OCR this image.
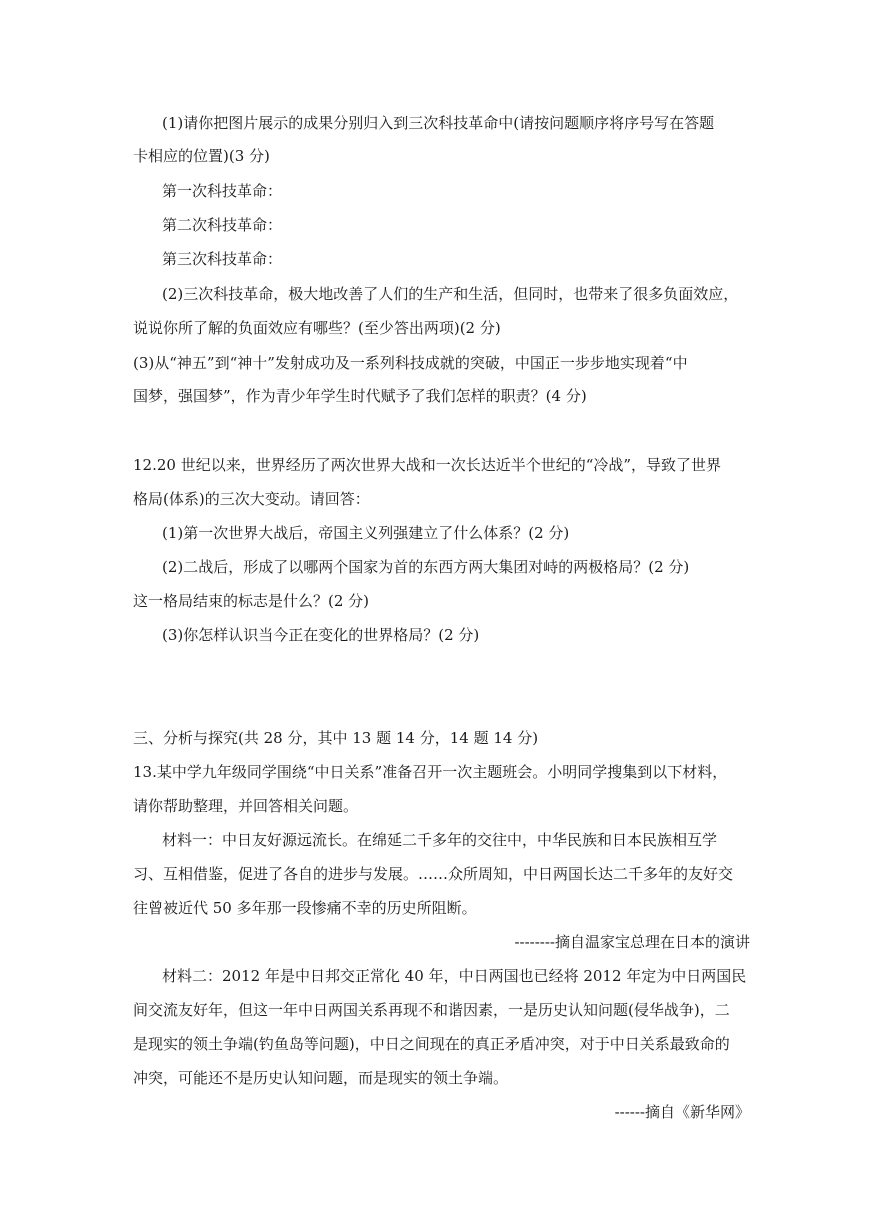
(1)请你把图片展示的成果分别归入到三次科技革命中(请按问题顺序将序号写在答题
卡相应的位置)(3 分)
第一次科技革命：
第二次科技革命：
第三次科技革命：
(2)三次科技革命，极大地改善了人们的生产和生活，但同时，也带来了很多负面效应，
说说你所了解的负面效应有哪些？(至少答出两项)(2 分)
(3)从“神五”到“神十”发射成功及一系列科技成就的突破，中国正一步步地实现着“中
国梦，强国梦”，作为青少年学生时代赋予了我们怎样的职责？(4 分)
12.20 世纪以来，世界经历了两次世界大战和一次长达近半个世纪的“冷战”，导致了世界
格局(体系)的三次大变动。请回答：
(1)第一次世界大战后，帝国主义列强建立了什么体系？(2 分)
(2)二战后，形成了以哪两个国家为首的东西方两大集团对峙的两极格局？(2 分)
这一格局结束的标志是什么？(2 分)
(3)你怎样认识当今正在变化的世界格局？(2 分)
三、分析与探究(共 28 分，其中 13 题 14 分，14 题 14 分)
13.某中学九年级同学围绕“中日关系”准备召开一次主题班会。小明同学搜集到以下材料，
请你帮助整理，并回答相关问题。
材料一：中日友好源远流长。在绵延二千多年的交往中，中华民族和日本民族相互学
习、互相借鉴，促进了各自的进步与发展。……众所周知，中日两国长达二千多年的友好交
往曾被近代 50 多年那一段惨痛不幸的历史所阻断。
--------摘自温家宝总理在日本的演讲
材料二：2012 年是中日邦交正常化 40 年，中日两国也已经将 2012 年定为中日两国民
间交流友好年，但这一年中日两国关系再现不和谐因素，一是历史认知问题(侵华战争)，二
是现实的领土争端(钓鱼岛等问题)，中日之间现在的真正矛盾冲突，对于中日关系最致命的
冲突，可能还不是历史认知问题，而是现实的领土争端。
------摘自《新华网》
